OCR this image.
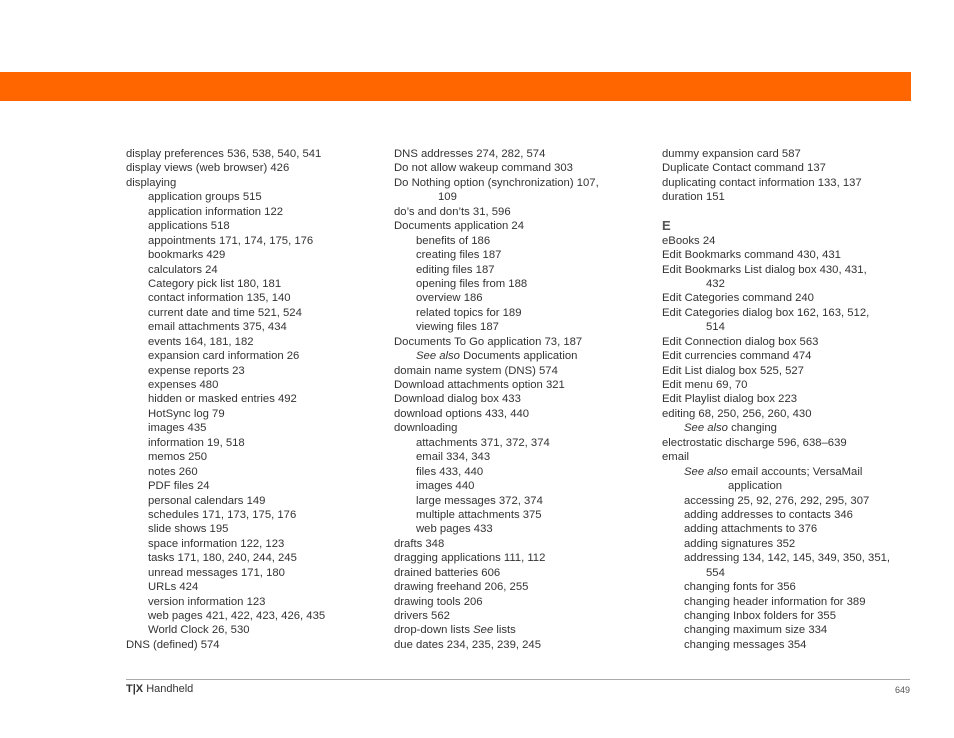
display preferences 536, 538, 540, 541
display views (web browser) 426
displaying
application groups 515
application information 122
applications 518
appointments 171, 174, 175, 176
bookmarks 429
calculators 24
Category pick list 180, 181
contact information 135, 140
current date and time 521, 524
email attachments 375, 434
events 164, 181, 182
expansion card information 26
expense reports 23
expenses 480
hidden or masked entries 492
HotSync log 79
images 435
information 19, 518
memos 250
notes 260
PDF files 24
personal calendars 149
schedules 171, 173, 175, 176
slide shows 195
space information 122, 123
tasks 171, 180, 240, 244, 245
unread messages 171, 180
URLs 424
version information 123
web pages 421, 422, 423, 426, 435
World Clock 26, 530
DNS (defined) 574
DNS addresses 274, 282, 574
Do not allow wakeup command 303
Do Nothing option (synchronization) 107,
109
do’s and don’ts 31, 596
Documents application 24
benefits of 186
creating files 187
editing files 187
opening files from 188
overview 186
related topics for 189
viewing files 187
Documents To Go application 73, 187
See also Documents application
domain name system (DNS) 574
Download attachments option 321
Download dialog box 433
download options 433, 440
downloading
attachments 371, 372, 374
email 334, 343
files 433, 440
images 440
large messages 372, 374
multiple attachments 375
web pages 433
drafts 348
dragging applications 111, 112
drained batteries 606
drawing freehand 206, 255
drawing tools 206
drivers 562
drop-down lists See lists
due dates 234, 235, 239, 245
dummy expansion card 587
Duplicate Contact command 137
duplicating contact information 133, 137
duration 151
E
eBooks 24
Edit Bookmarks command 430, 431
Edit Bookmarks List dialog box 430, 431,
432
Edit Categories command 240
Edit Categories dialog box 162, 163, 512,
514
Edit Connection dialog box 563
Edit currencies command 474
Edit List dialog box 525, 527
Edit menu 69, 70
Edit Playlist dialog box 223
editing 68, 250, 256, 260, 430
See also changing
electrostatic discharge 596, 638–639
email
See also email accounts; VersaMail
application
accessing 25, 92, 276, 292, 295, 307
adding addresses to contacts 346
adding attachments to 376
adding signatures 352
addressing 134, 142, 145, 349, 350, 351,
554
changing fonts for 356
changing header information for 389
changing Inbox folders for 355
changing maximum size 334
changing messages 354
T|X Handheld	649
